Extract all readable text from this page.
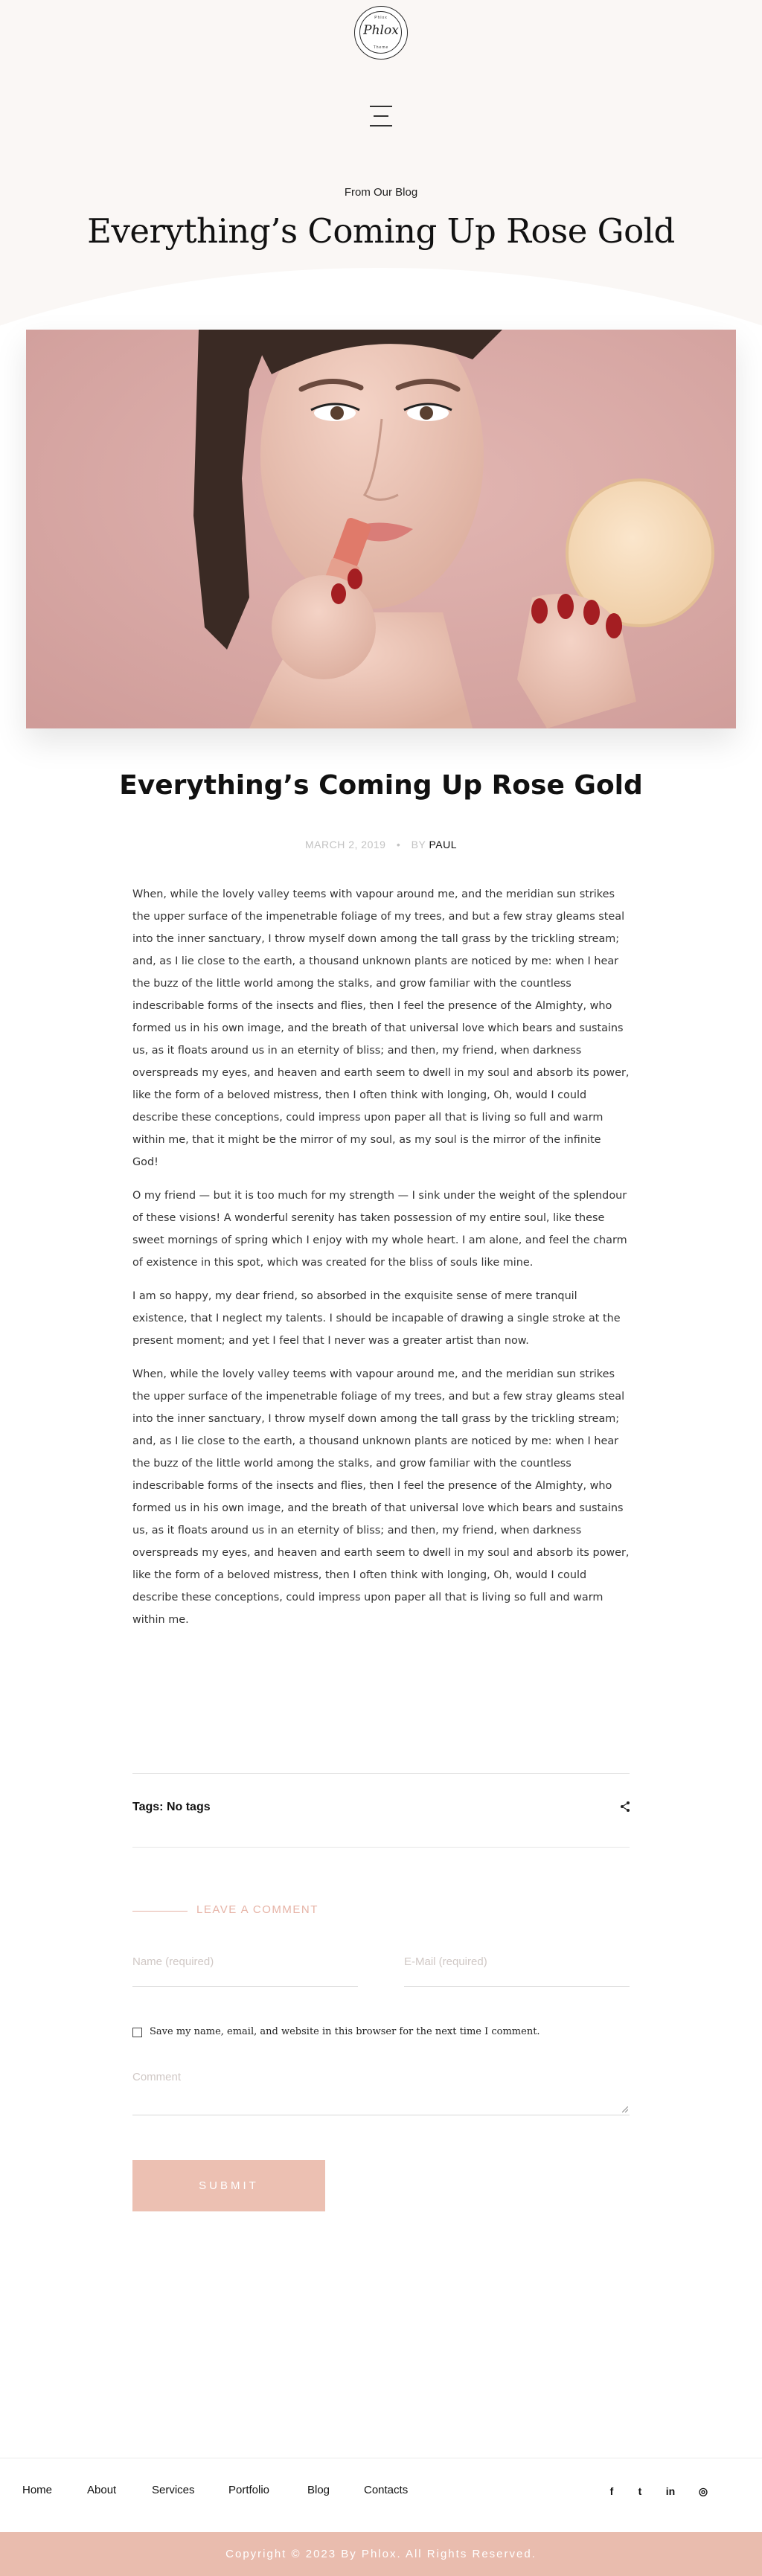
Phlox
Phlox
Theme
From Our Blog
Everything’s Coming Up Rose Gold
Everything’s Coming Up Rose Gold
MARCH 2, 2019 • BY PAUL

When, while the lovely valley teems with vapour around me, and the meridian sun strikes the upper surface of the impenetrable foliage of my trees, and but a few stray gleams steal into the inner sanctuary, I throw myself down among the tall grass by the trickling stream; and, as I lie close to the earth, a thousand unknown plants are noticed by me: when I hear the buzz of the little world among the stalks, and grow familiar with the countless indescribable forms of the insects and flies, then I feel the presence of the Almighty, who formed us in his own image, and the breath of that universal love which bears and sustains us, as it floats around us in an eternity of bliss; and then, my friend, when darkness overspreads my eyes, and heaven and earth seem to dwell in my soul and absorb its power, like the form of a beloved mistress, then I often think with longing, Oh, would I could describe these conceptions, could impress upon paper all that is living so full and warm within me, that it might be the mirror of my soul, as my soul is the mirror of the infinite God!

O my friend — but it is too much for my strength — I sink under the weight of the splendour of these visions! A wonderful serenity has taken possession of my entire soul, like these sweet mornings of spring which I enjoy with my whole heart. I am alone, and feel the charm of existence in this spot, which was created for the bliss of souls like mine.

I am so happy, my dear friend, so absorbed in the exquisite sense of mere tranquil existence, that I neglect my talents. I should be incapable of drawing a single stroke at the present moment; and yet I feel that I never was a greater artist than now.

When, while the lovely valley teems with vapour around me, and the meridian sun strikes the upper surface of the impenetrable foliage of my trees, and but a few stray gleams steal into the inner sanctuary, I throw myself down among the tall grass by the trickling stream; and, as I lie close to the earth, a thousand unknown plants are noticed by me: when I hear the buzz of the little world among the stalks, and grow familiar with the countless indescribable forms of the insects and flies, then I feel the presence of the Almighty, who formed us in his own image, and the breath of that universal love which bears and sustains us, as it floats around us in an eternity of bliss; and then, my friend, when darkness overspreads my eyes, and heaven and earth seem to dwell in my soul and absorb its power, like the form of a beloved mistress, then I often think with longing, Oh, would I could describe these conceptions, could impress upon paper all that is living so full and warm within me.

Tags: No tags
LEAVE A COMMENT
Name (required)	E-Mail (required)
Save my name, email, and website in this browser for the next time I comment.
Comment
SUBMIT
Home	About	Services	Portfolio	Blog	Contacts	f	t	in ◎
Copyright © 2023 By Phlox. All Rights Reserved.
